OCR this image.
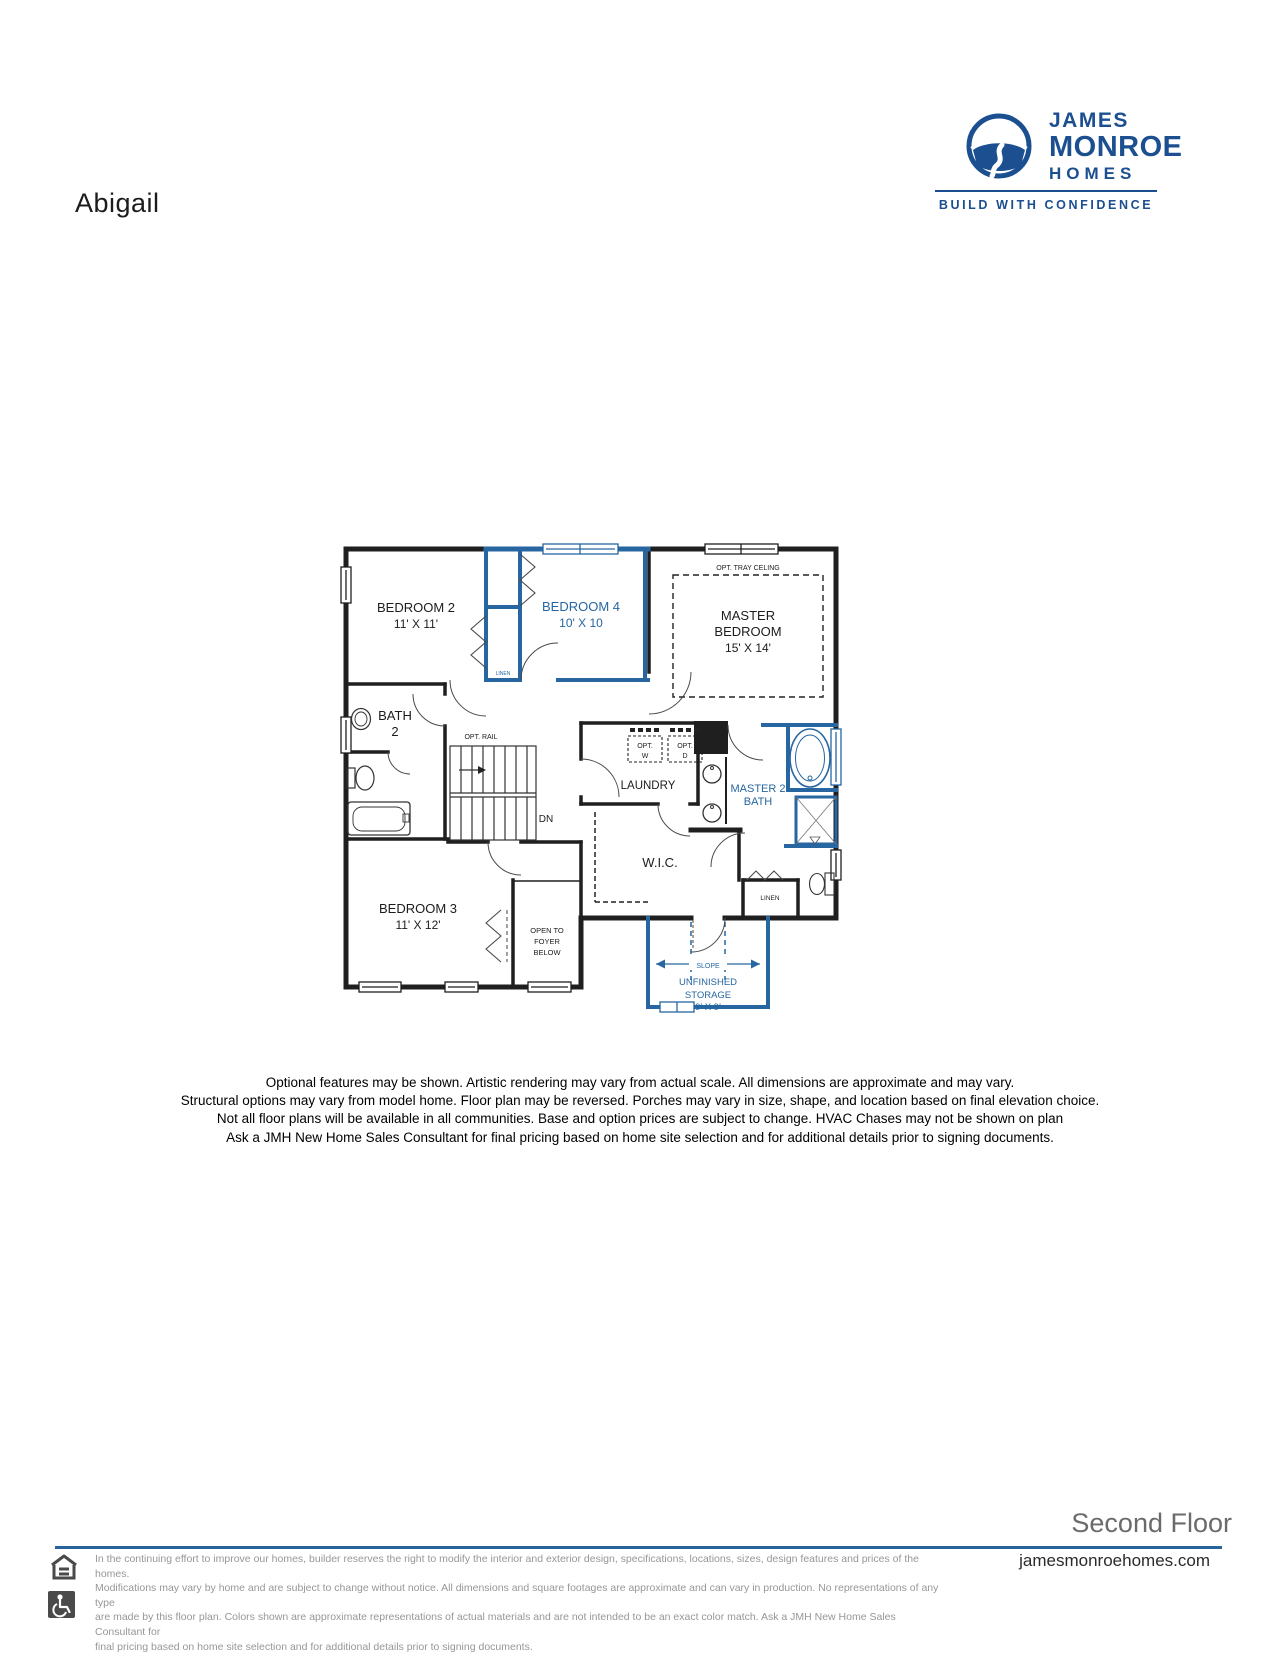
Abigail
JAMES
MONROE
HOMES
BUILD WITH CONFIDENCE
BEDROOM 2
11' X 11'
BEDROOM 4
10' X 10	MASTER
BEDROOM
15' X 14'
OPT. TRAY CELING
BATH
2	OPT. RAIL
DN
LAUNDRY
OPT.
W
OPT.
D
MASTER 2
BATH
W.I.C.
LINEN
LINEN
BEDROOM 3
11' X 12'	OPEN TO
FOYER
BELOW
SLOPE
UNFINISHED
STORAGE
9' X 9'
Optional features may be shown. Artistic rendering may vary from actual scale. All dimensions are approximate and may vary.
Structural options may vary from model home. Floor plan may be reversed. Porches may vary in size, shape, and location based on final elevation choice.
Not all floor plans will be available in all communities. Base and option prices are subject to change. HVAC Chases may not be shown on plan
Ask a JMH New Home Sales Consultant for final pricing based on home site selection and for additional details prior to signing documents.
Second Floor
jamesmonroehomes.com

In the continuing effort to improve our homes, builder reserves the right to modify the interior and exterior design, specifications, locations, sizes, design features and prices of the homes.
Modifications may vary by home and are subject to change without notice. All dimensions and square footages are approximate and can vary in production. No representations of any type
are made by this floor plan. Colors shown are approximate representations of actual materials and are not intended to be an exact color match. Ask a JMH New Home Sales Consultant for
final pricing based on home site selection and for additional details prior to signing documents.
